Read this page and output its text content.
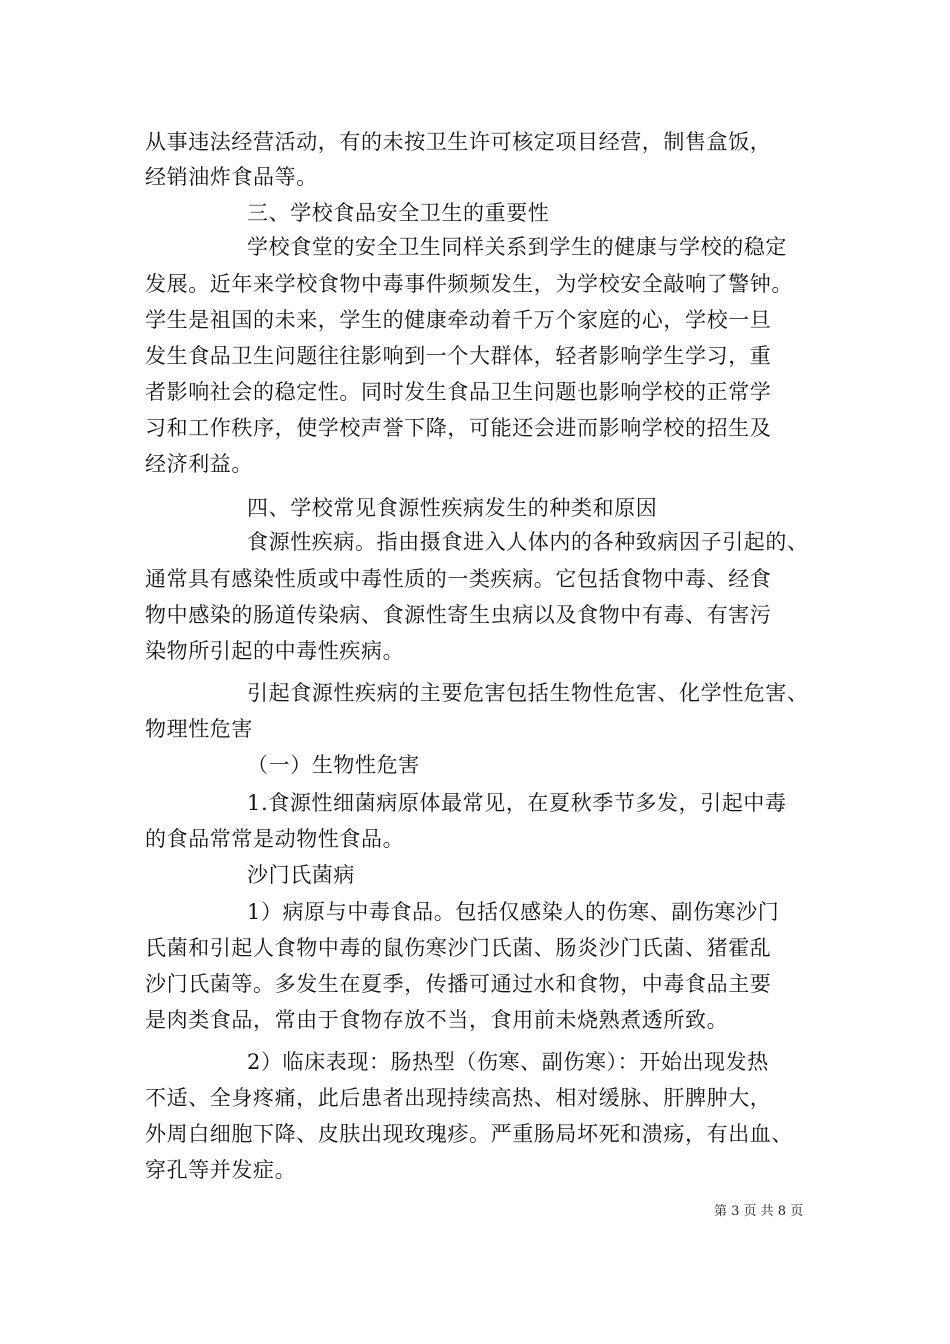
从事违法经营活动，有的未按卫生许可核定项目经营，制售盒饭，
经销油炸食品等。
三、学校食品安全卫生的重要性
学校食堂的安全卫生同样关系到学生的健康与学校的稳定
发展。近年来学校食物中毒事件频频发生，为学校安全敲响了警钟。
学生是祖国的未来，学生的健康牵动着千万个家庭的心，学校一旦
发生食品卫生问题往往影响到一个大群体，轻者影响学生学习，重
者影响社会的稳定性。同时发生食品卫生问题也影响学校的正常学
习和工作秩序，使学校声誉下降，可能还会进而影响学校的招生及
经济利益。
四、学校常见食源性疾病发生的种类和原因
食源性疾病。指由摄食进入人体内的各种致病因子引起的、
通常具有感染性质或中毒性质的一类疾病。它包括食物中毒、经食
物中感染的肠道传染病、食源性寄生虫病以及食物中有毒、有害污
染物所引起的中毒性疾病。
引起食源性疾病的主要危害包括生物性危害、化学性危害、
物理性危害
（一）生物性危害
1.食源性细菌病原体最常见，在夏秋季节多发，引起中毒
的食品常常是动物性食品。
沙门氏菌病
1）病原与中毒食品。包括仅感染人的伤寒、副伤寒沙门
氏菌和引起人食物中毒的鼠伤寒沙门氏菌、肠炎沙门氏菌、猪霍乱
沙门氏菌等。多发生在夏季，传播可通过水和食物，中毒食品主要
是肉类食品，常由于食物存放不当，食用前未烧熟煮透所致。
2）临床表现：肠热型（伤寒、副伤寒）：开始出现发热
不适、全身疼痛，此后患者出现持续高热、相对缓脉、肝脾肿大，
外周白细胞下降、皮肤出现玫瑰疹。严重肠局坏死和溃疡，有出血、
穿孔等并发症。
第 3 页 共 8 页
